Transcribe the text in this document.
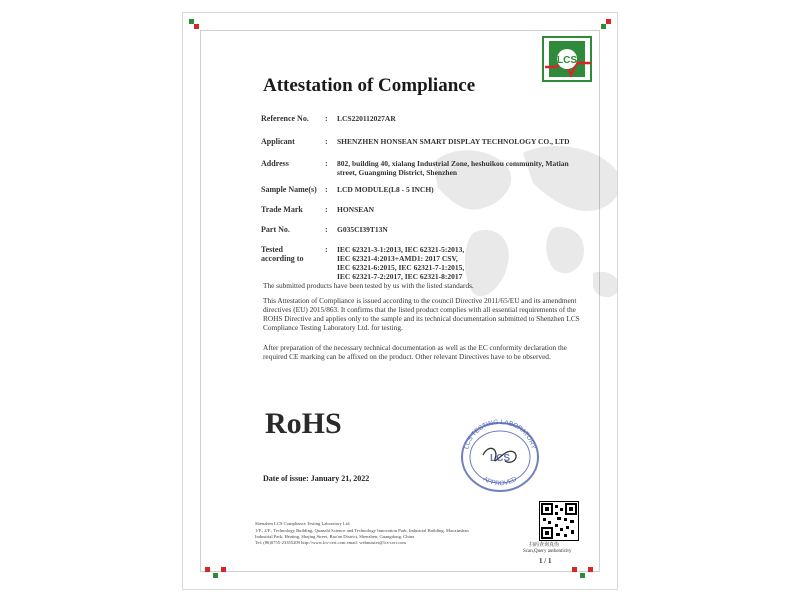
LCS
Attestation of Compliance
Reference No. : LCS220112027AR
Applicant	: SHENZHEN HONSEAN SMART DISPLAY TECHNOLOGY CO., LTD
Address	: 802, building 40, xialang Industrial Zone, heshuikou community, Matian street, Guangming District, Shenzhen
Sample Name(s) : LCD MODULE(L8 - 5 INCH)
Trade Mark	: HONSEAN
Part No.	: G035CI39T13N
Tested
according to
: IEC 62321-3-1:2013, IEC 62321-5:2013,
IEC 62321-4:2013+AMD1: 2017 CSV,
IEC 62321-6:2015, IEC 62321-7-1:2015,
IEC 62321-7-2:2017, IEC 62321-8:2017
The submitted products have been tested by us with the listed standards.
This Attestation of Compliance is issued according to the council Directive 2011/65/EU and its amendment directives (EU) 2015/863. It confirms that the listed product complies with all essential requirements of the ROHS Directive and applies only to the sample and its technical documentation submitted to Shenzhen LCS Compliance Testing Laboratory Ltd. for testing.
After preparation of the necessary technical documentation as well as the EC conformity declaration the required CE marking can be affixed on the product. Other relevant Directives have to be observed.
RoHS
LCS TESTING LABORATORY
APPROVED
LCS
Date of issue: January 21, 2022
扫码查询真伪
Scan,Query authenticity
1 / 1
Shenzhen LCS Compliance Testing Laboratory Ltd.
1/F., 2/F., Technology Building, Quanzhi Science and Technology Innovation Park, Industrial Building, Maoxinshan
Industrial Park, Heating, Shajing Street, Bao'an District, Shenzhen, Guangdong, China
Tel: (86)0755-23355209 http://www.lcs-cert.com email: webmaster@lcs-cert.com
